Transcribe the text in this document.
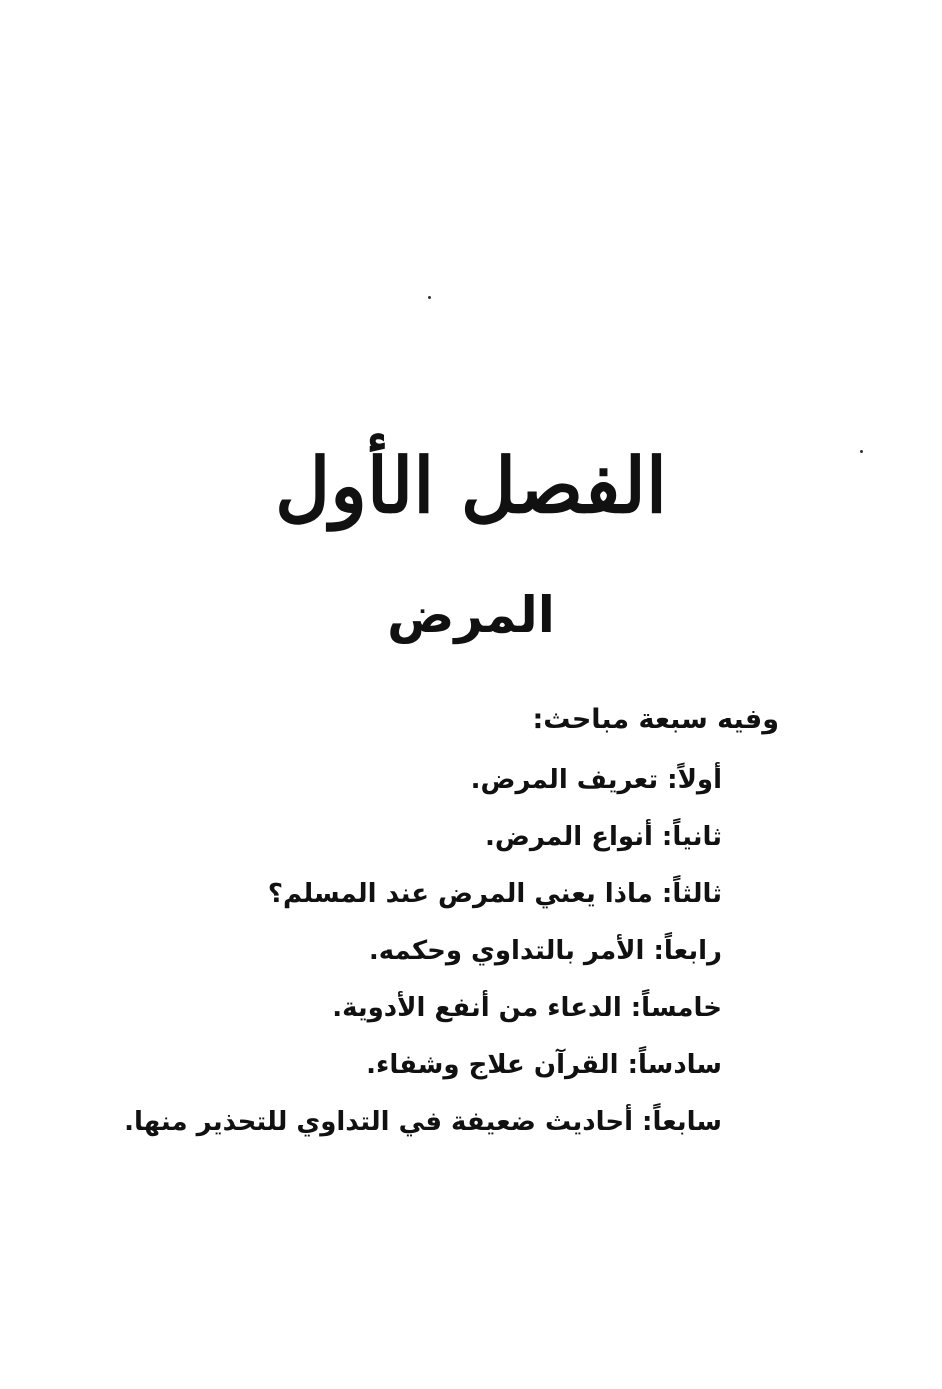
الفصل الأول
المرض
وفيه سبعة مباحث:
أولاً: تعريف المرض.
ثانياً: أنواع المرض.
ثالثاً: ماذا يعني المرض عند المسلم؟
رابعاً: الأمر بالتداوي وحكمه.
خامساً: الدعاء من أنفع الأدوية.
سادساً: القرآن علاج وشفاء.
سابعاً: أحاديث ضعيفة في التداوي للتحذير منها.
